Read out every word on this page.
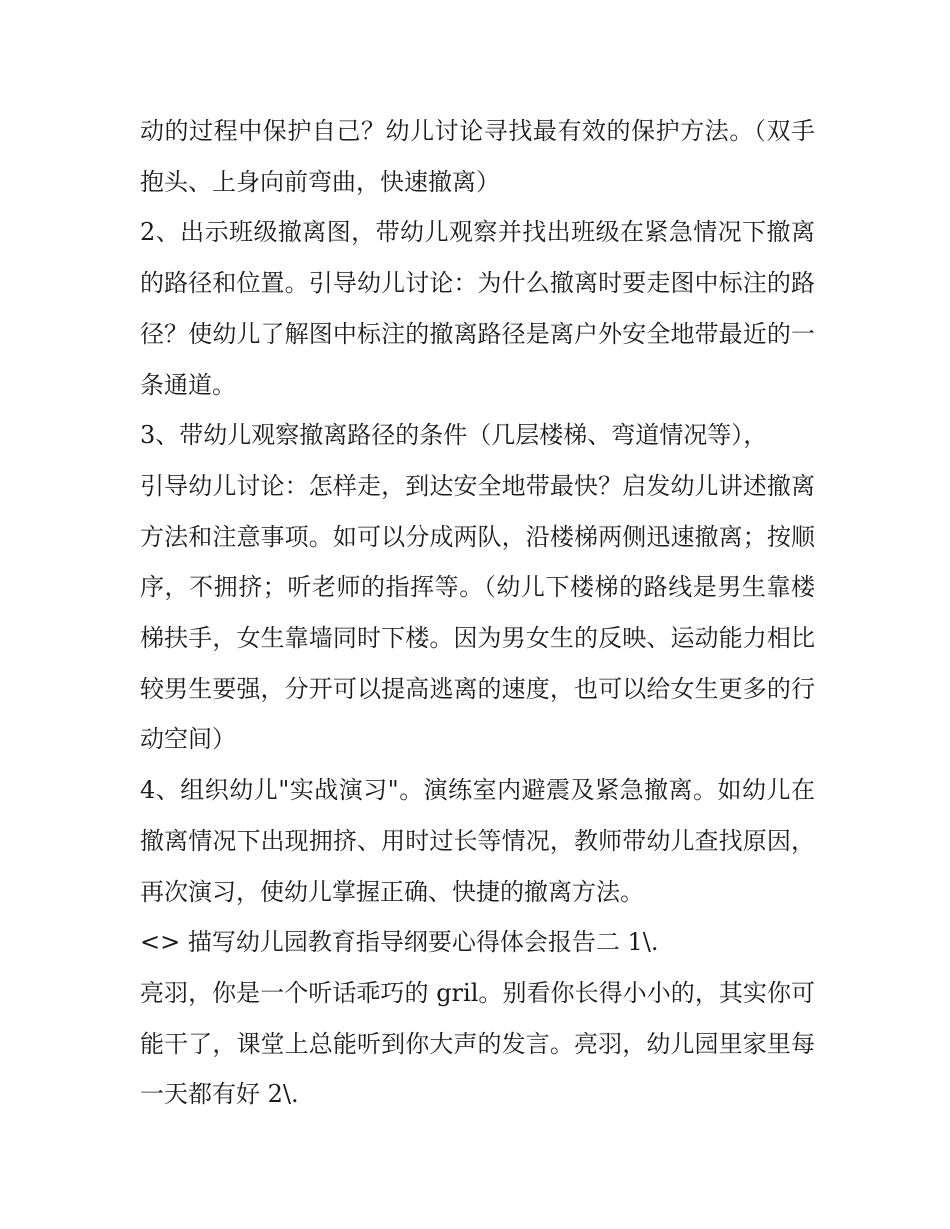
动的过程中保护自己？幼儿讨论寻找最有效的保护方法。（双手抱头、上身向前弯曲，快速撤离）

2、出示班级撤离图，带幼儿观察并找出班级在紧急情况下撤离的路径和位置。引导幼儿讨论：为什么撤离时要走图中标注的路径？使幼儿了解图中标注的撤离路径是离户外安全地带最近的一条通道。

3、带幼儿观察撤离路径的条件（几层楼梯、弯道情况等），

引导幼儿讨论：怎样走，到达安全地带最快？启发幼儿讲述撤离方法和注意事项。如可以分成两队，沿楼梯两侧迅速撤离；按顺序，不拥挤；听老师的指挥等。（幼儿下楼梯的路线是男生靠楼梯扶手，女生靠墙同时下楼。因为男女生的反映、运动能力相比较男生要强，分开可以提高逃离的速度，也可以给女生更多的行动空间）

4、组织幼儿"实战演习"。演练室内避震及紧急撤离。如幼儿在撤离情况下出现拥挤、用时过长等情况，教师带幼儿查找原因，再次演习，使幼儿掌握正确、快捷的撤离方法。

<> 描写幼儿园教育指导纲要心得体会报告二 1\.

亮羽，你是一个听话乖巧的 gril。别看你长得小小的，其实你可能干了，课堂上总能听到你大声的发言。亮羽，幼儿园里家里每一天都有好 2\.
